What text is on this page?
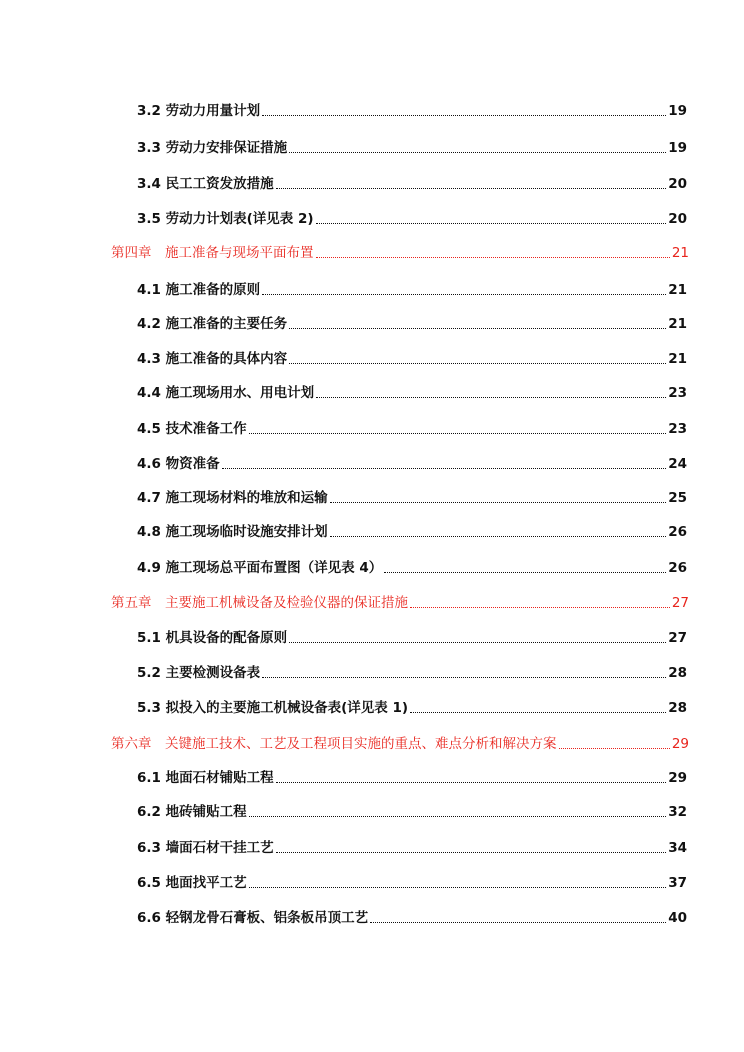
3.2 劳动力用量计划	19
3.3 劳动力安排保证措施	19
3.4 民工工资发放措施	20
3.5 劳动力计划表(详见表 2)	20
第四章　施工准备与现场平面布置	21
4.1 施工准备的原则	21
4.2 施工准备的主要任务	21
4.3 施工准备的具体内容	21
4.4 施工现场用水、用电计划	23
4.5 技术准备工作	23
4.6 物资准备	24
4.7 施工现场材料的堆放和运输	25
4.8 施工现场临时设施安排计划	26
4.9 施工现场总平面布置图（详见表 4）	26
第五章　主要施工机械设备及检验仪器的保证措施	27
5.1 机具设备的配备原则	27
5.2 主要检测设备表	28
5.3 拟投入的主要施工机械设备表(详见表 1)	28
第六章　关键施工技术、工艺及工程项目实施的重点、难点分析和解决方案	29
6.1 地面石材铺贴工程	29
6.2 地砖铺贴工程	32
6.3 墙面石材干挂工艺	34
6.5 地面找平工艺	37
6.6 轻钢龙骨石膏板、铝条板吊顶工艺	40
